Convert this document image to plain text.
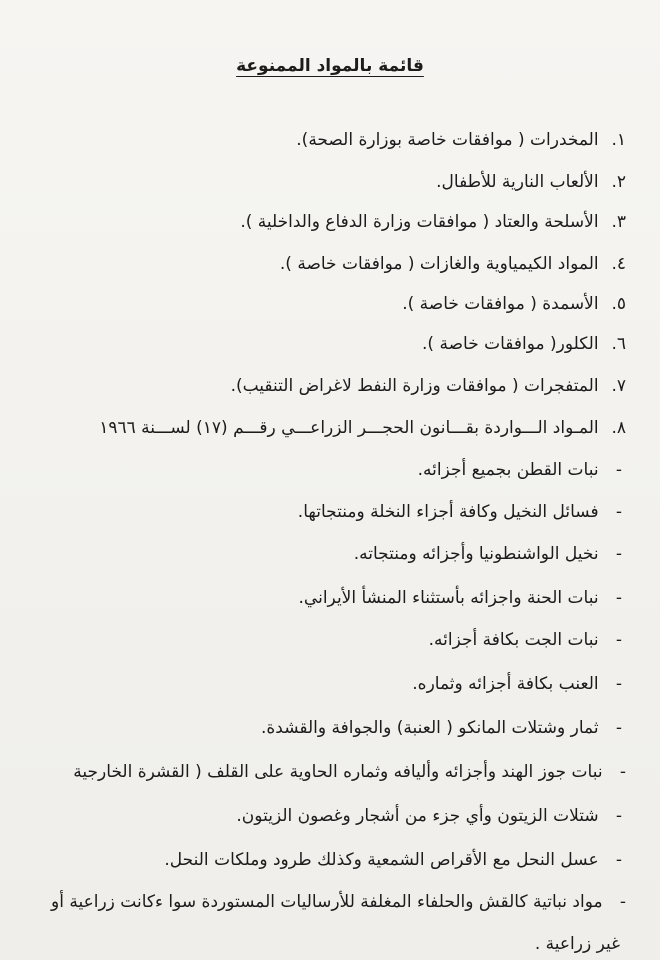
قائمة بالمواد الممنوعة
١. المخدرات ( موافقات خاصة بوزارة الصحة).
٢. الألعاب النارية للأطفال.
٣. الأسلحة والعتاد ( موافقات وزارة الدفاع والداخلية ).
٤. المواد الكيمياوية والغازات ( موافقات خاصة ).
٥. الأسمدة ( موافقات خاصة ).
٦. الكلور( موافقات خاصة ).
٧. المتفجرات ( موافقات وزارة النفط لاغراض التنقيب).
٨. المـواد الـــواردة بقـــانون الحجـــر الزراعـــي رقـــم (١٧) لســـنة ١٩٦٦
- نبات القطن بجميع أجزائه.
- فسائل النخيل وكافة أجزاء النخلة ومنتجاتها.
- نخيل الواشنطونيا وأجزائه ومنتجاته.
- نبات الحنة واجزائه بأستثناء المنشأ الأيراني.
- نبات الجت بكافة أجزائه.
- العنب بكافة أجزائه وثماره.
- ثمار وشتلات المانكو ( العنبة) والجوافة والقشدة.
- نبات جوز الهند وأجزائه وأليافه وثماره الحاوية على القلف ( القشرة الخارجية
- شتلات الزيتون وأي جزء من أشجار وغصون الزيتون.
- عسل النحل مع الأقراص الشمعية وكذلك طرود وملكات النحل.
- مواد نباتية كالقش والحلفاء المغلفة للأرساليات المستوردة سوا ءكانت زراعية أو
غير زراعية .
